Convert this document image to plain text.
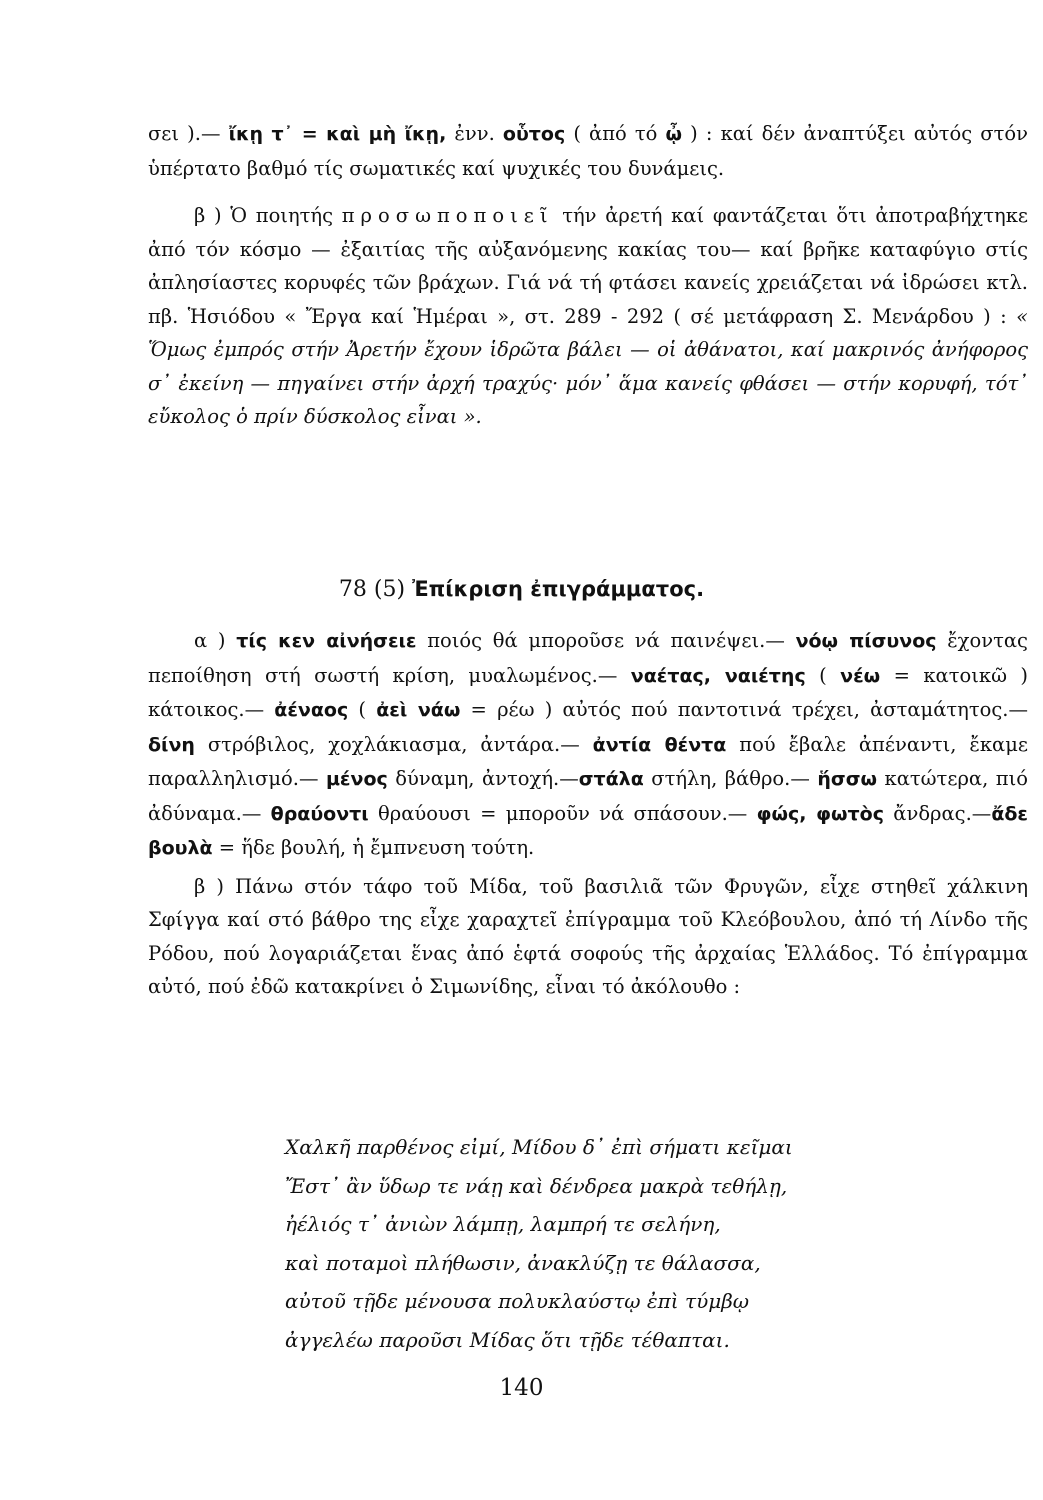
σει ).— ἴκῃ τ᾽ = καὶ μὴ ἴκῃ, ἐνν. οὗτος ( ἀπό τό ᾦ ) : καί δέν ἀναπτύξει αὐτός στόν ὑπέρτατο βαθμό τίς σωματικές καί ψυχικές του δυνάμεις.

β ) Ὁ ποιητής προσωποποιεῖ τήν ἀρετή καί φαντάζεται ὅτι ἀποτραβήχτηκε ἀπό τόν κόσμο — ἐξαιτίας τῆς αὐξανόμενης κακίας του— καί βρῆκε καταφύγιο στίς ἀπλησίαστες κορυφές τῶν βράχων. Γιά νά τή φτάσει κανείς χρειάζεται νά ἱδρώσει κτλ. πβ. Ἡσιόδου « Ἔργα καί Ἡμέραι », στ. 289 - 292 ( σέ μετάφραση Σ. Μενάρδου ) : « Ὅμως ἐμπρός στήν Ἀρετήν ἔχουν ἱδρῶτα βάλει — οἱ ἀθάνατοι, καί μακρινός ἀνήφορος σ᾽ ἐκείνη — πηγαίνει στήν ἀρχή τραχύς· μόν᾽ ἅμα κανείς φθάσει — στήν κορυφή, τότ᾽ εὔκολος ὁ πρίν δύσκολος εἶναι ».

78 (5) Ἐπίκριση ἐπιγράμματος.

α ) τίς κεν αἰνήσειε ποιός θά μποροῦσε νά παινέψει.— νόῳ πίσυνος ἔχοντας πεποίθηση στή σωστή κρίση, μυαλωμένος.— ναέτας, ναιέτης ( νέω = κατοικῶ ) κάτοικος.— ἀέναος ( ἀεὶ νάω = ρέω ) αὐτός πού παντοτινά τρέχει, ἀσταμάτητος.— δίνη στρόβιλος, χοχλάκιασμα, ἀντάρα.— ἀντία θέντα πού ἔβαλε ἀπέναντι, ἔκαμε παραλληλισμό.— μένος δύναμη, ἀντοχή.—στάλα στήλη, βάθρο.— ἥσσω κατώτερα, πιό ἀδύναμα.— θραύοντι θραύουσι = μποροῦν νά σπάσουν.— φώς, φωτὸς ἄνδρας.—ἄδε βουλὰ = ἥδε βουλή, ἡ ἔμπνευση τούτη.

β ) Πάνω στόν τάφο τοῦ Μίδα, τοῦ βασιλιᾶ τῶν Φρυγῶν, εἶχε στηθεῖ χάλκινη Σφίγγα καί στό βάθρο της εἶχε χαραχτεῖ ἐπίγραμμα τοῦ Κλεόβουλου, ἀπό τή Λίνδο τῆς Ρόδου, πού λογαριάζεται ἕνας ἀπό ἑφτά σοφούς τῆς ἀρχαίας Ἑλλάδος. Τό ἐπίγραμμα αὐτό, πού ἐδῶ κατακρίνει ὁ Σιμωνίδης, εἶναι τό ἀκόλουθο :

Χαλκῆ παρθένος εἰμί, Μίδου δ᾽ ἐπὶ σήματι κεῖμαι
Ἔστ᾽ ἂν ὕδωρ τε νάῃ καὶ δένδρεα μακρὰ τεθήλῃ,
ἠέλιός τ᾽ ἀνιὼν λάμπῃ, λαμπρή τε σελήνη,
καὶ ποταμοὶ πλήθωσιν, ἀνακλύζῃ τε θάλασσα,
αὐτοῦ τῇδε μένουσα πολυκλαύστῳ ἐπὶ τύμβῳ
ἀγγελέω παροῦσι Μίδας ὅτι τῇδε τέθαπται.
140
